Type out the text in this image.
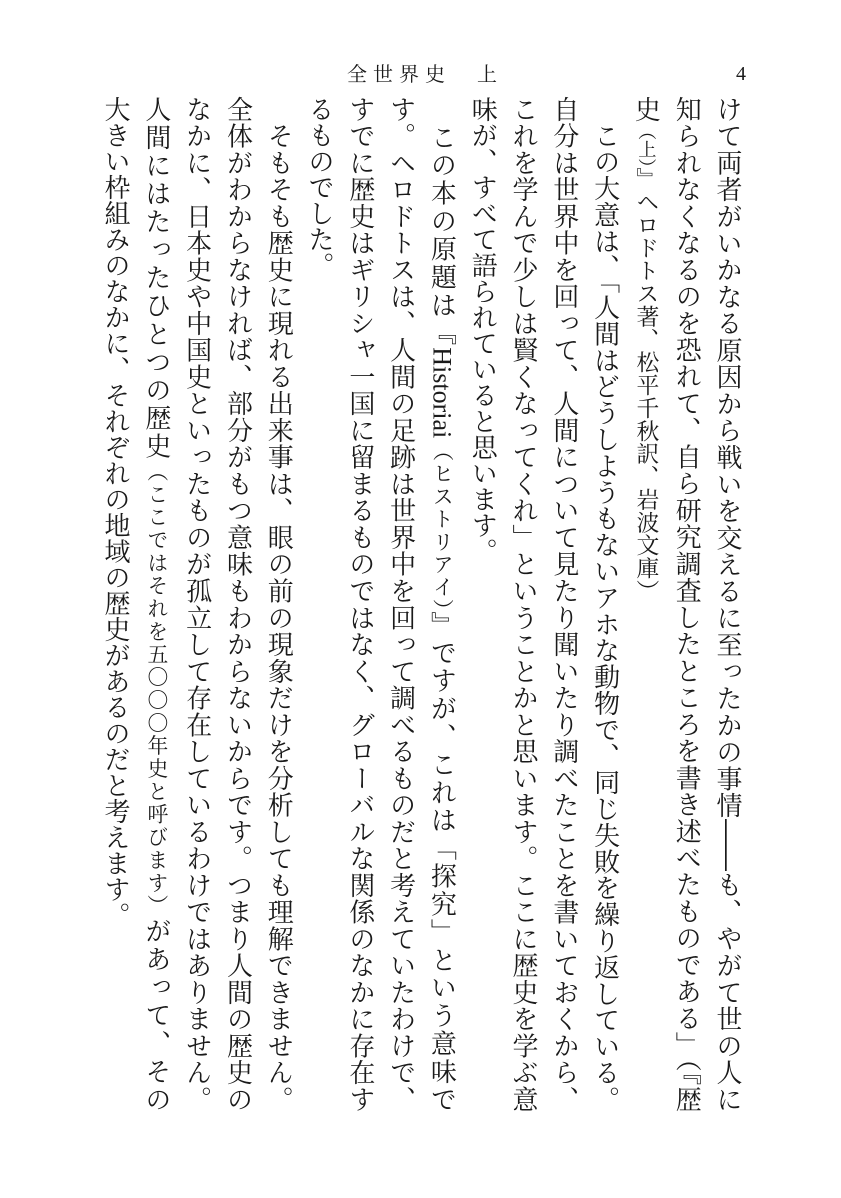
全世界史　上	4
けて両者がいかなる原因から戦いを交えるに至ったかの事情――も、やがて世の人に
知られなくなるのを恐れて、自ら研究調査したところを書き述べたものである」（『歴
史（上）』ヘロドトス著、松平千秋訳、岩波文庫）
　この大意は、「人間はどうしようもないアホな動物で、同じ失敗を繰り返している。
自分は世界中を回って、人間について見たり聞いたり調べたことを書いておくから、
これを学んで少しは賢くなってくれ」ということかと思います。ここに歴史を学ぶ意
味が、すべて語られていると思います。
　この本の原題は『Historiai（ヒストリアイ）』ですが、これは「探究」という意味で
す。ヘロドトスは、人間の足跡は世界中を回って調べるものだと考えていたわけで、
すでに歴史はギリシャ一国に留まるものではなく、グローバルな関係のなかに存在す
るものでした。
　そもそも歴史に現れる出来事は、眼の前の現象だけを分析しても理解できません。
全体がわからなければ、部分がもつ意味もわからないからです。つまり人間の歴史の
なかに、日本史や中国史といったものが孤立して存在しているわけではありません。
人間にはたったひとつの歴史（ここではそれを五〇〇〇年史と呼びます）があって、その
大きい枠組みのなかに、それぞれの地域の歴史があるのだと考えます。
